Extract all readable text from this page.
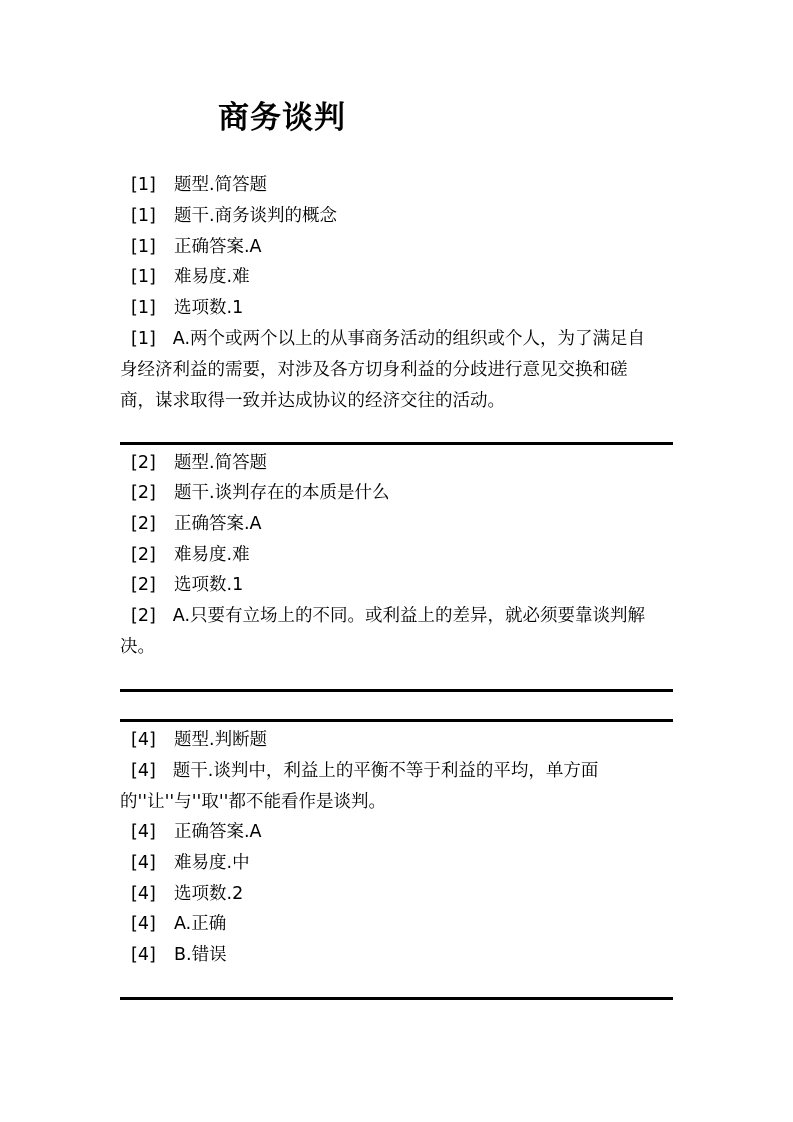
商务谈判
[1] 题型.简答题
[1] 题干.商务谈判的概念
[1] 正确答案.A
[1] 难易度.难
[1] 选项数.1

[1] A.两个或两个以上的从事商务活动的组织或个人，为了满足自身经济利益的需要，对涉及各方切身利益的分歧进行意见交换和磋商，谋求取得一致并达成协议的经济交往的活动。

[2] 题型.简答题
[2] 题干.谈判存在的本质是什么
[2] 正确答案.A
[2] 难易度.难
[2] 选项数.1

[2] A.只要有立场上的不同。或利益上的差异，就必须要靠谈判解决。

[4] 题型.判断题

[4] 题干.谈判中，利益上的平衡不等于利益的平均，单方面的''让''与''取''都不能看作是谈判。

[4] 正确答案.A
[4] 难易度.中
[4] 选项数.2
[4] A.正确
[4] B.错误
